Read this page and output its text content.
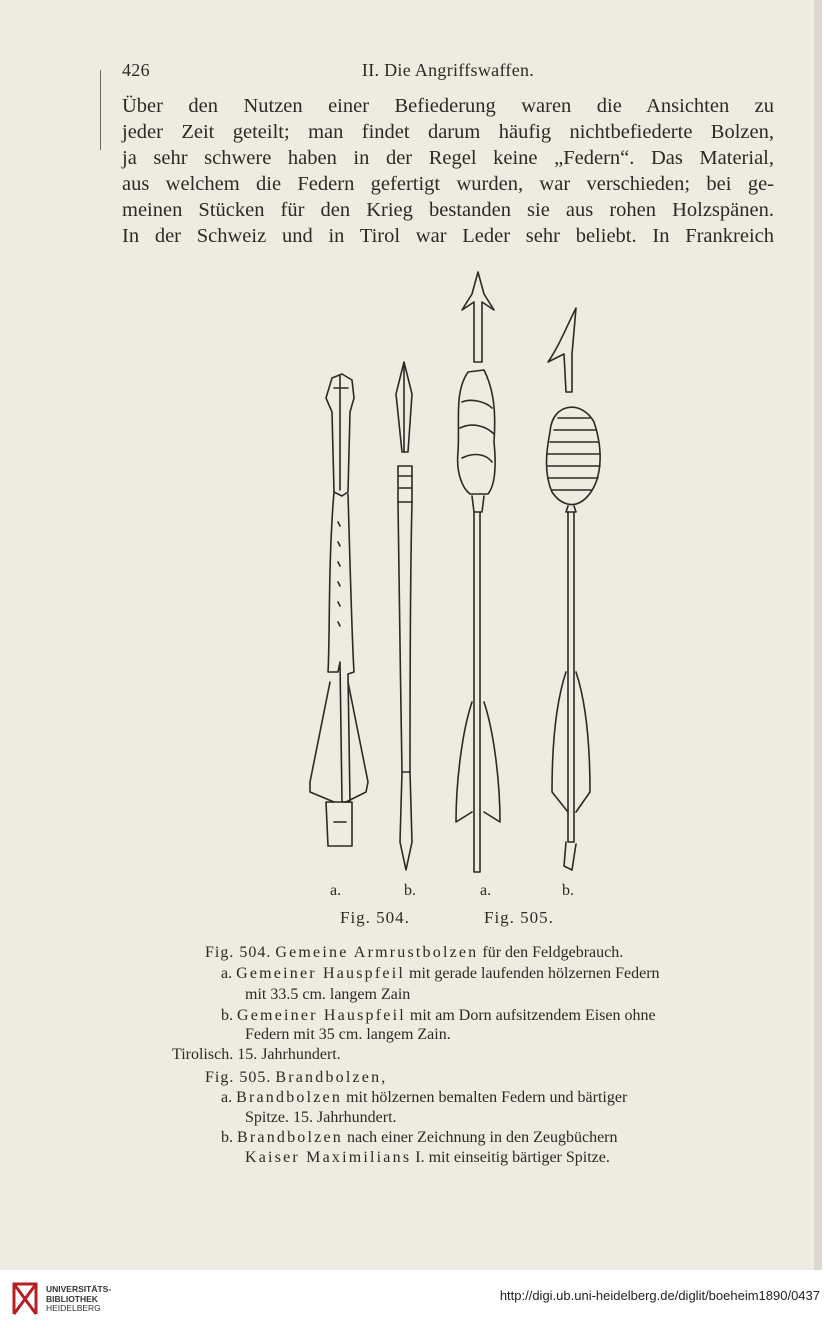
426	II. Die Angriffswaffen.
Über den Nutzen einer Befiederung waren die Ansichten zu
jeder Zeit geteilt; man findet darum häufig nichtbefiederte Bolzen,
ja sehr schwere haben in der Regel keine „Federn“. Das Material,
aus welchem die Federn gefertigt wurden, war verschieden; bei ge-
meinen Stücken für den Krieg bestanden sie aus rohen Holzspänen.
In der Schweiz und in Tirol war Leder sehr beliebt. In Frankreich
a.	b.	a.	b.
Fig. 504.	Fig. 505.
Fig. 504. Gemeine Armrustbolzen für den Feldgebrauch.
a. Gemeiner Hauspfeil mit gerade laufenden hölzernen Federn
mit 33.5 cm. langem Zain
b. Gemeiner Hauspfeil mit am Dorn aufsitzendem Eisen ohne
Federn mit 35 cm. langem Zain.
Tirolisch. 15. Jahrhundert.
Fig. 505. Brandbolzen,
a. Brandbolzen mit hölzernen bemalten Federn und bärtiger
Spitze. 15. Jahrhundert.
b. Brandbolzen nach einer Zeichnung in den Zeugbüchern
Kaiser Maximilians I. mit einseitig bärtiger Spitze.
UNIVERSITÄTS-
BIBLIOTHEK
HEIDELBERG
http://digi.ub.uni-heidelberg.de/diglit/boeheim1890/0437
